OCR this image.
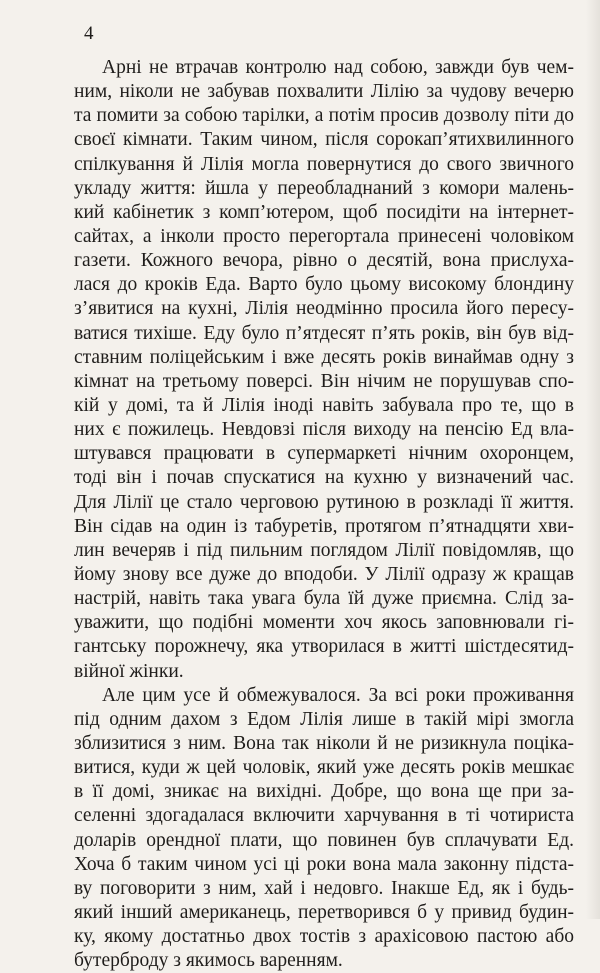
4
Арні не втрачав контролю над собою, завжди був чем-
ним, ніколи не забував похвалити Лілію за чудову вечерю
та помити за собою тарілки, а потім просив дозволу піти до
своєї кімнати. Таким чином, після сорокап’ятихвилинного
спілкування й Лілія могла повернутися до свого звичного
укладу життя: йшла у переобладнаний з комори малень-
кий кабінетик з комп’ютером, щоб посидіти на інтернет-
сайтах, а інколи просто перегортала принесені чоловіком
газети. Кожного вечора, рівно о десятій, вона прислуха-
лася до кроків Еда. Варто було цьому високому блондину
з’явитися на кухні, Лілія неодмінно просила його пересу-
ватися тихіше. Еду було п’ятдесят п’ять років, він був від-
ставним поліцейським і вже десять років винаймав одну з
кімнат на третьому поверсі. Він нічим не порушував спо-
кій у домі, та й Лілія іноді навіть забувала про те, що в
них є пожилець. Невдовзі після виходу на пенсію Ед вла-
штувався працювати в супермаркеті нічним охоронцем,
тоді він і почав спускатися на кухню у визначений час.
Для Лілії це стало черговою рутиною в розкладі її життя.
Він сідав на один із табуретів, протягом п’ятнадцяти хви-
лин вечеряв і під пильним поглядом Лілії повідомляв, що
йому знову все дуже до вподоби. У Лілії одразу ж кращав
настрій, навіть така увага була їй дуже приємна. Слід за-
уважити, що подібні моменти хоч якось заповнювали гі-
гантську порожнечу, яка утворилася в житті шістдесятид-
війної жінки.
Але цим усе й обмежувалося. За всі роки проживання
під одним дахом з Едом Лілія лише в такій мірі змогла
зблизитися з ним. Вона так ніколи й не ризикнула поціка-
витися, куди ж цей чоловік, який уже десять років мешкає
в її домі, зникає на вихідні. Добре, що вона ще при за-
селенні здогадалася включити харчування в ті чотириста
доларів орендної плати, що повинен був сплачувати Ед.
Хоча б таким чином усі ці роки вона мала законну підста-
ву поговорити з ним, хай і недовго. Інакше Ед, як і будь-
який інший американець, перетворився б у привид будин-
ку, якому достатньо двох тостів з арахісовою пастою або
бутерброду з якимось варенням.
